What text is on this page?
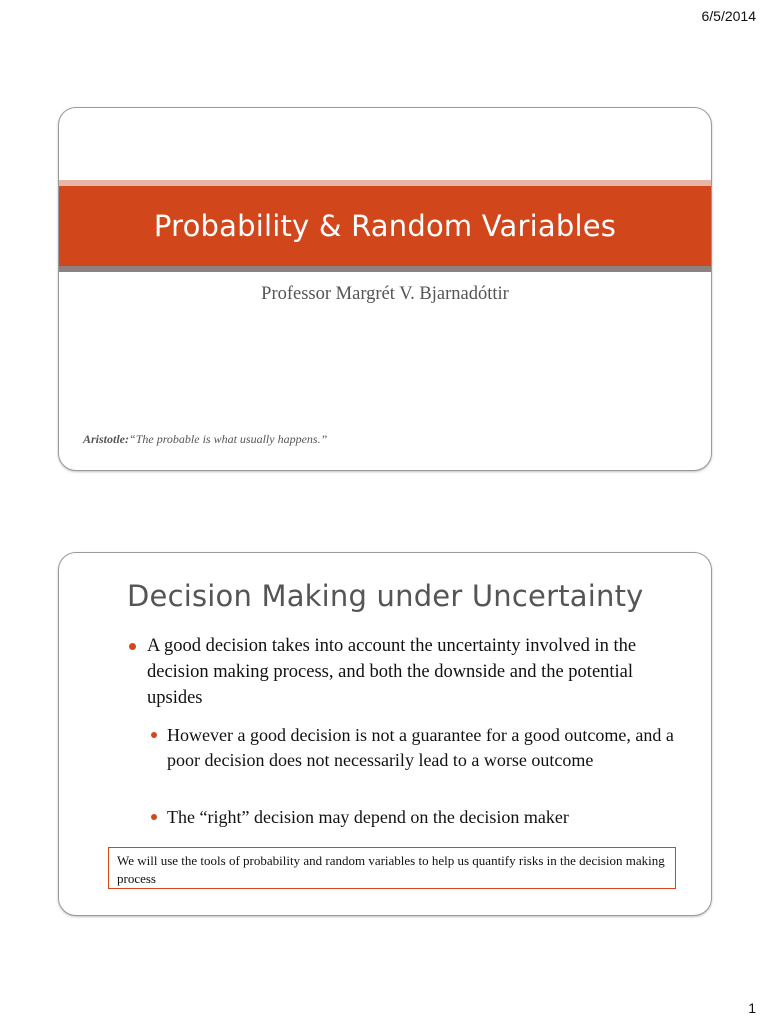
6/5/2014
Probability & Random Variables
Professor Margrét V. Bjarnadóttir
Aristotle:“The probable is what usually happens.”
Decision Making under Uncertainty
A good decision takes into account the uncertainty involved in the decision making process, and both the downside and the potential upsides
However a good decision is not a guarantee for a good outcome, and a poor decision does not necessarily lead to a worse outcome
The “right” decision may depend on the decision maker
We will use the tools of probability and random variables to help us quantify risks in the decision making process
1
